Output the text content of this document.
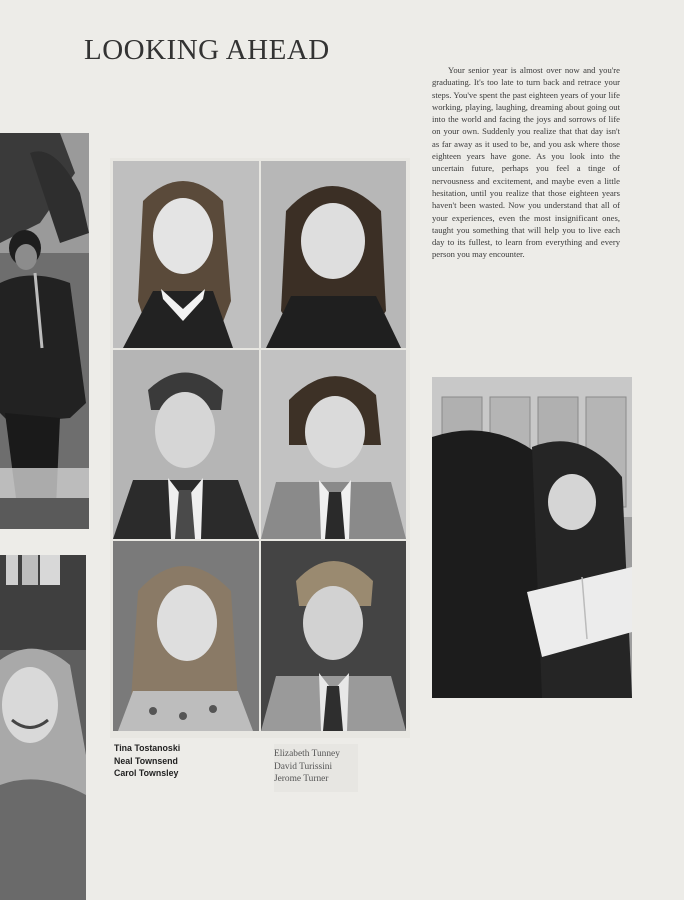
LOOKING AHEAD

Your senior year is almost over now and you're graduating. It's too late to turn back and retrace your steps. You've spent the past eighteen years of your life working, playing, laughing, dreaming about going out into the world and facing the joys and sorrows of life on your own. Suddenly you realize that that day isn't as far away as it used to be, and you ask where those eighteen years have gone. As you look into the uncertain future, perhaps you feel a tinge of nervousness and excitement, and maybe even a little hesitation, until you realize that those eighteen years haven't been wasted. Now you understand that all of your experiences, even the most insignificant ones, taught you something that will help you to live each day to its fullest, to learn from everything and every person you may encounter.

Tina Tostanoski
Neal Townsend
Carol Townsley
Elizabeth Tunney
David Turissini
Jerome Turner
